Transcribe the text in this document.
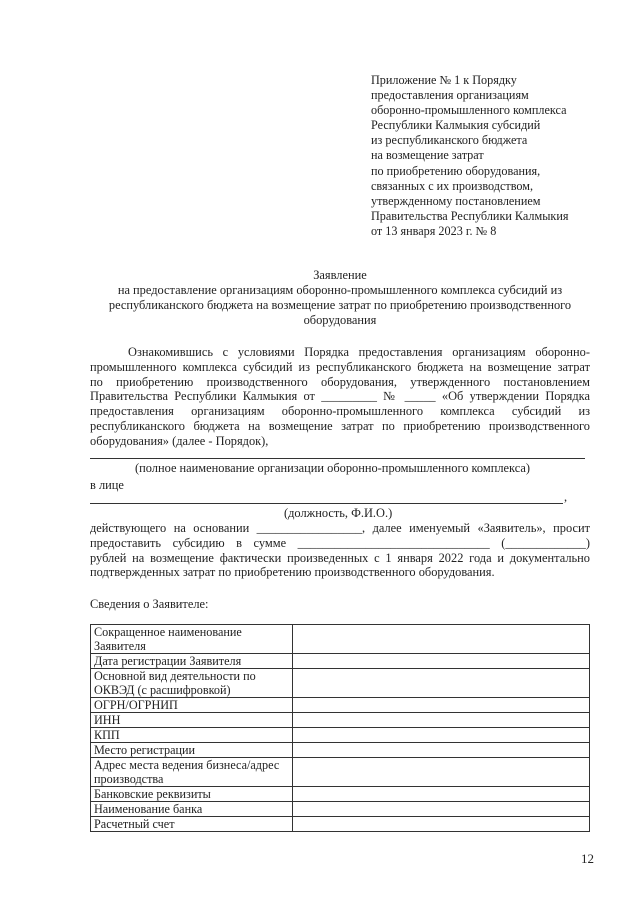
Приложение № 1 к Порядку
предоставления организациям
оборонно-промышленного комплекса
Республики Калмыкия субсидий
из республиканского бюджета
на возмещение затрат
по приобретению оборудования,
связанных с их производством,
утвержденному постановлением
Правительства Республики Калмыкия
от 13 января 2023 г. № 8
Заявление
на предоставление организациям оборонно-промышленного комплекса субсидий из
республиканского бюджета на возмещение затрат по приобретению производственного
оборудования
Ознакомившись с условиями Порядка предоставления организациям оборонно-
промышленного комплекса субсидий из республиканского бюджета на возмещение затрат
по приобретению производственного оборудования, утвержденного постановлением
Правительства Республики Калмыкия от _________ № _____ «Об утверждении Порядка
предоставления организациям оборонно-промышленного комплекса субсидий из
республиканского бюджета на возмещение затрат по приобретению производственного
оборудования» (далее - Порядок),
(полное наименование организации оборонно-промышленного комплекса)
в лице
,
(должность, Ф.И.О.)
действующего на основании _________________, далее именуемый «Заявитель», просит
предоставить субсидию в сумме _______________________________ (_____________)
рублей на возмещение фактически произведенных с 1 января 2022 года и документально
подтвержденных затрат по приобретению производственного оборудования.
Сведения о Заявителе:
Сокращенное наименование Заявителя	
Дата регистрации Заявителя	
Основной вид деятельности по ОКВЭД (с расшифровкой)	
ОГРН/ОГРНИП	
ИНН	
КПП	
Место регистрации	
Адрес места ведения бизнеса/адрес производства	
Банковские реквизиты	
Наименование банка	
Расчетный счет	
12
